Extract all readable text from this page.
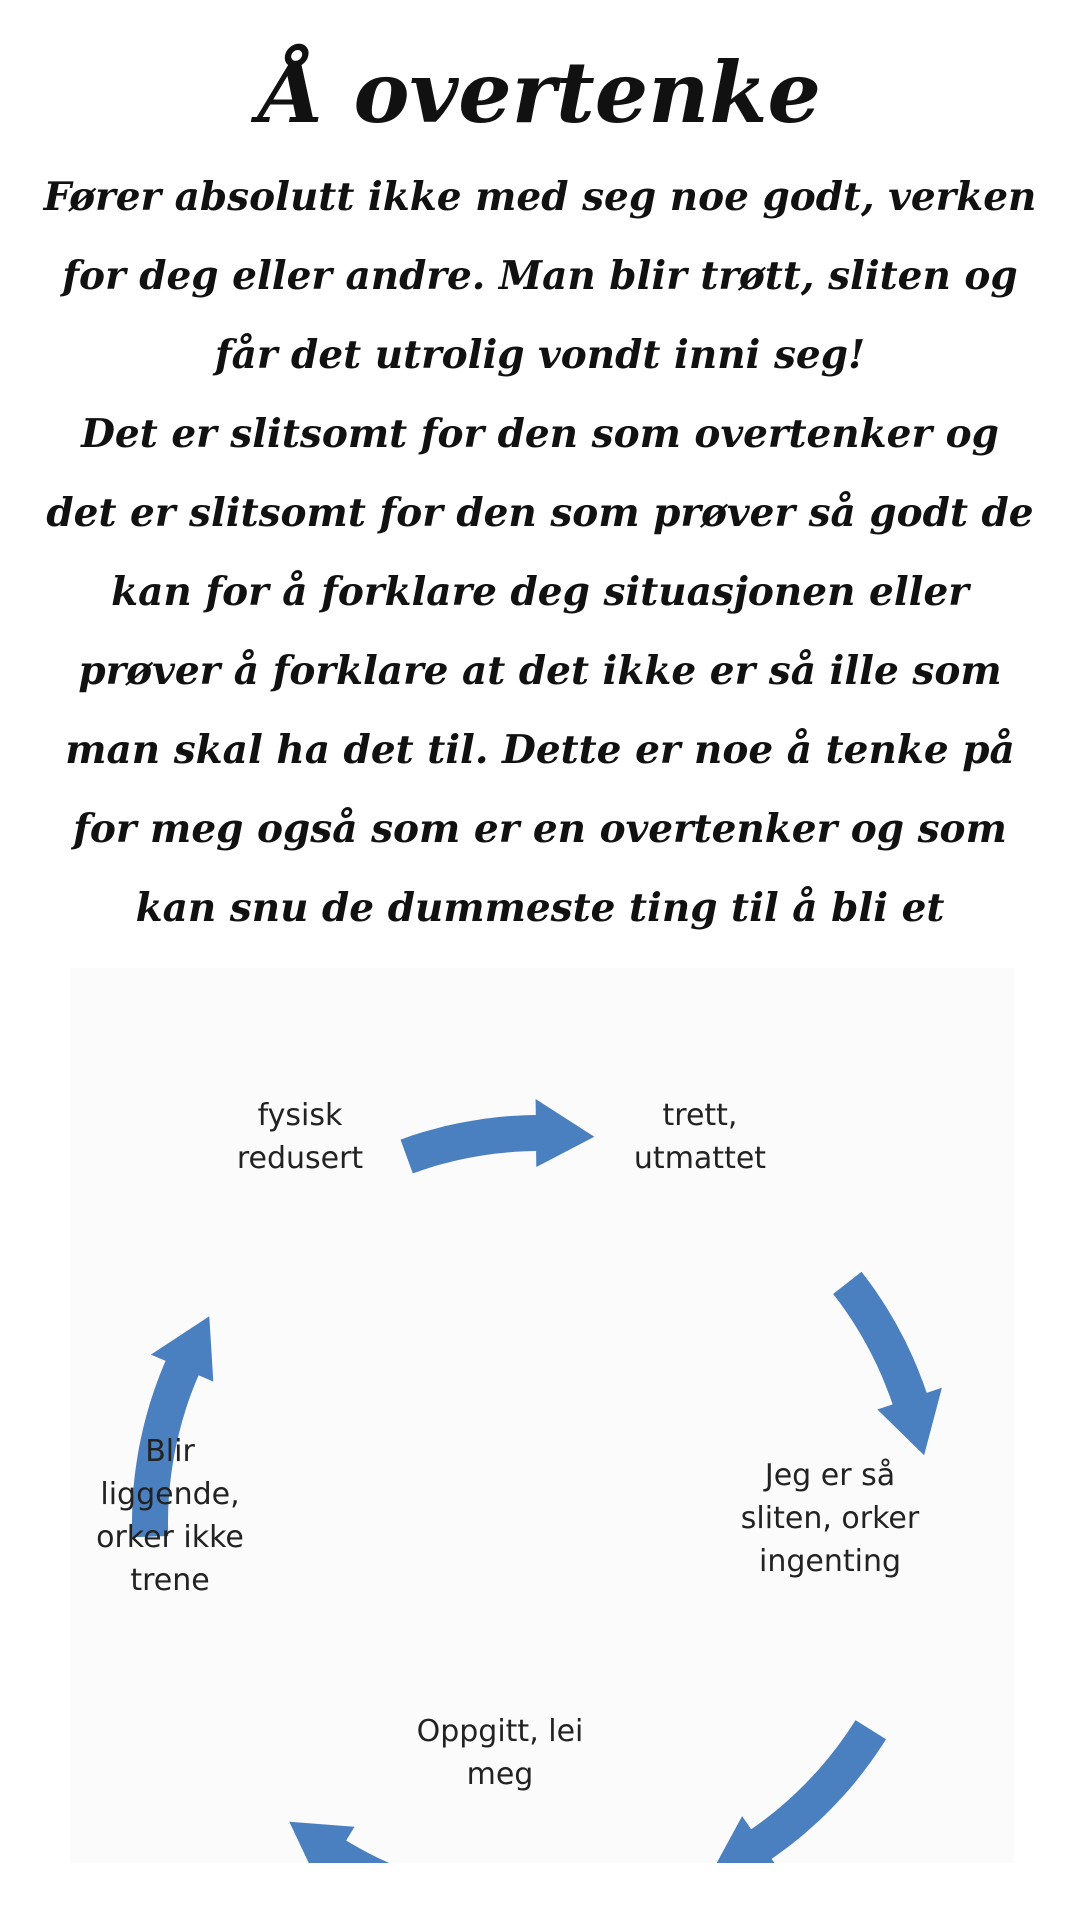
Å overtenke

Fører absolutt ikke med seg noe godt, verken for deg eller andre. Man blir trøtt, sliten og får det utrolig vondt inni seg!

Det er slitsomt for den som overtenker og det er slitsomt for den som prøver så godt de kan for å forklare deg situasjonen eller prøver å forklare at det ikke er så ille som man skal ha det til. Dette er noe å tenke på for meg også som er en overtenker og som kan snu de dummeste ting til å bli et

fysisk
redusert
trett,
utmattet
Jeg er så
sliten, orker
ingenting
Oppgitt, lei
meg
Blir
liggende,
orker ikke
trene
